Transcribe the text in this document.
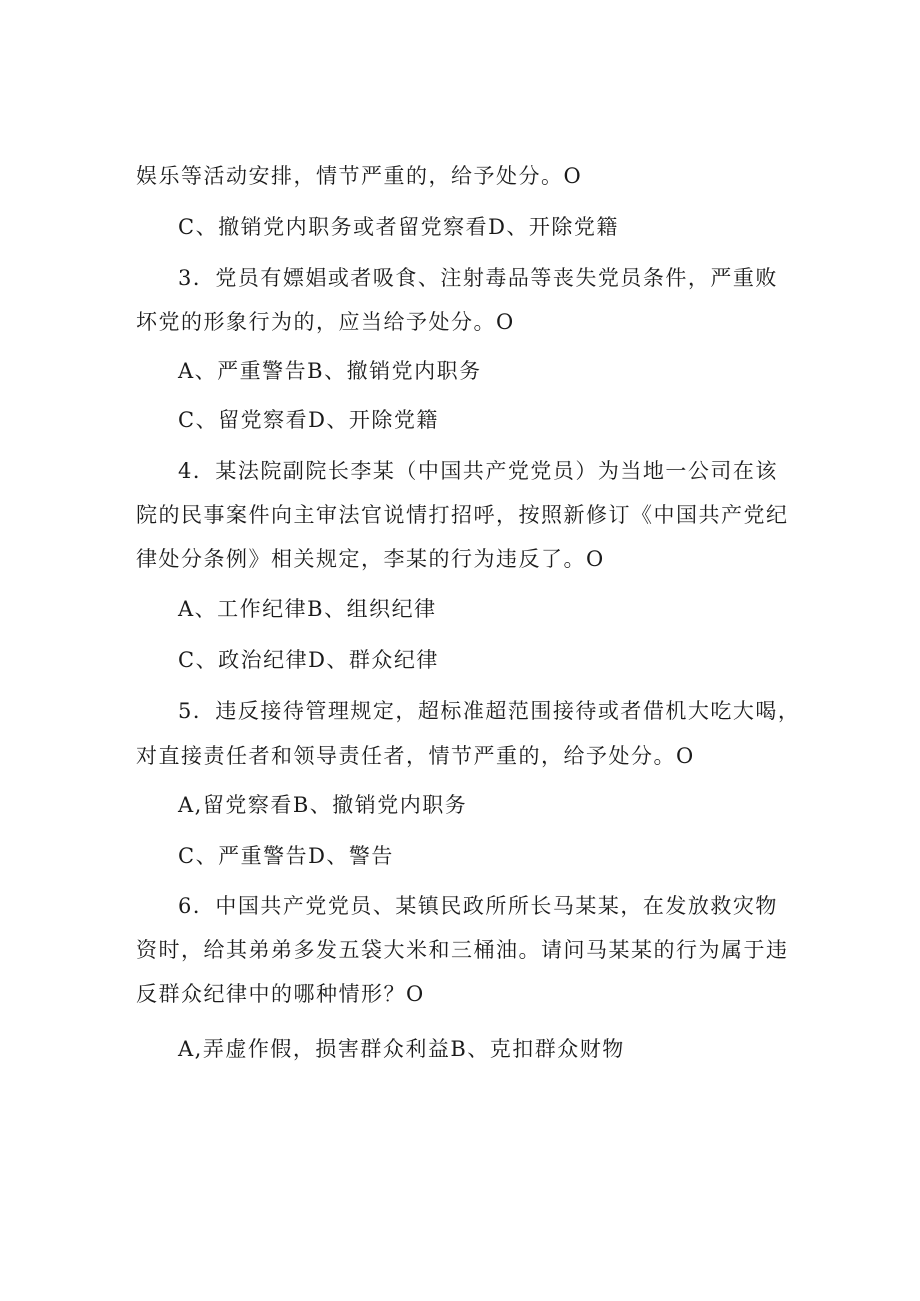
娱乐等活动安排，情节严重的，给予处分。O
C、撤销党内职务或者留党察看D、开除党籍
3．党员有嫖娼或者吸食、注射毒品等丧失党员条件，严重败
坏党的形象行为的，应当给予处分。O
A、严重警告B、撤销党内职务
C、留党察看D、开除党籍
4．某法院副院长李某（中国共产党党员）为当地一公司在该
院的民事案件向主审法官说情打招呼，按照新修订《中国共产党纪
律处分条例》相关规定，李某的行为违反了。O
A、工作纪律B、组织纪律
C、政治纪律D、群众纪律
5．违反接待管理规定，超标准超范围接待或者借机大吃大喝，
对直接责任者和领导责任者，情节严重的，给予处分。O
A,留党察看B、撤销党内职务
C、严重警告D、警告
6．中国共产党党员、某镇民政所所长马某某，在发放救灾物
资时，给其弟弟多发五袋大米和三桶油。请问马某某的行为属于违
反群众纪律中的哪种情形？O
A,弄虚作假，损害群众利益B、克扣群众财物
